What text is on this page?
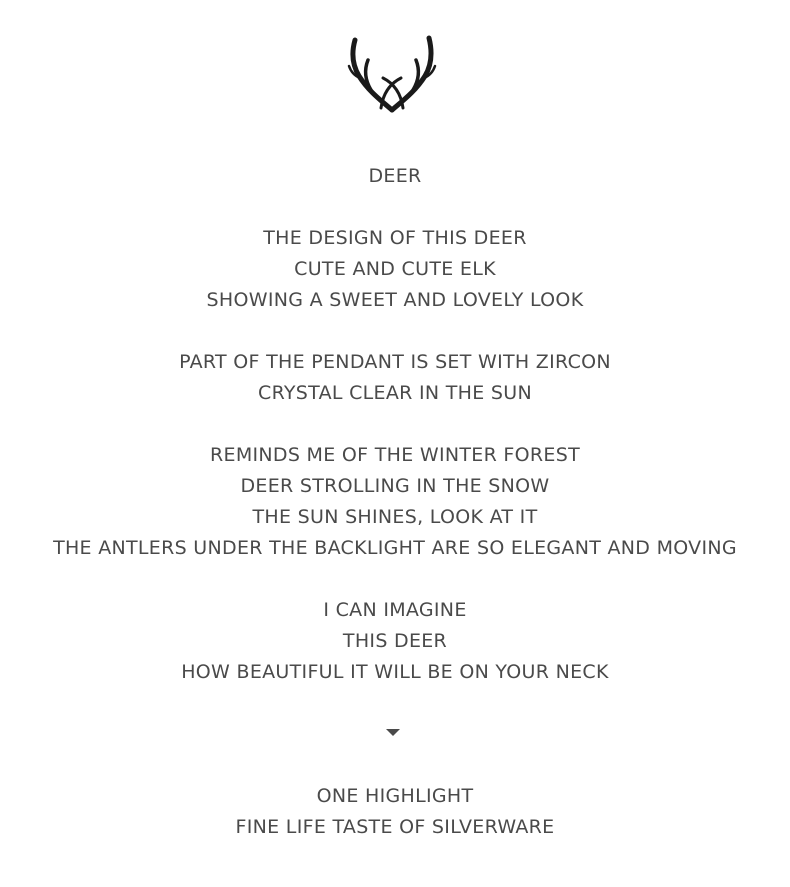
DEER
THE DESIGN OF THIS DEER
CUTE AND CUTE ELK
SHOWING A SWEET AND LOVELY LOOK
PART OF THE PENDANT IS SET WITH ZIRCON
CRYSTAL CLEAR IN THE SUN
REMINDS ME OF THE WINTER FOREST
DEER STROLLING IN THE SNOW
THE SUN SHINES, LOOK AT IT
THE ANTLERS UNDER THE BACKLIGHT ARE SO ELEGANT AND MOVING
I CAN IMAGINE
THIS DEER
HOW BEAUTIFUL IT WILL BE ON YOUR NECK
ONE HIGHLIGHT
FINE LIFE TASTE OF SILVERWARE
